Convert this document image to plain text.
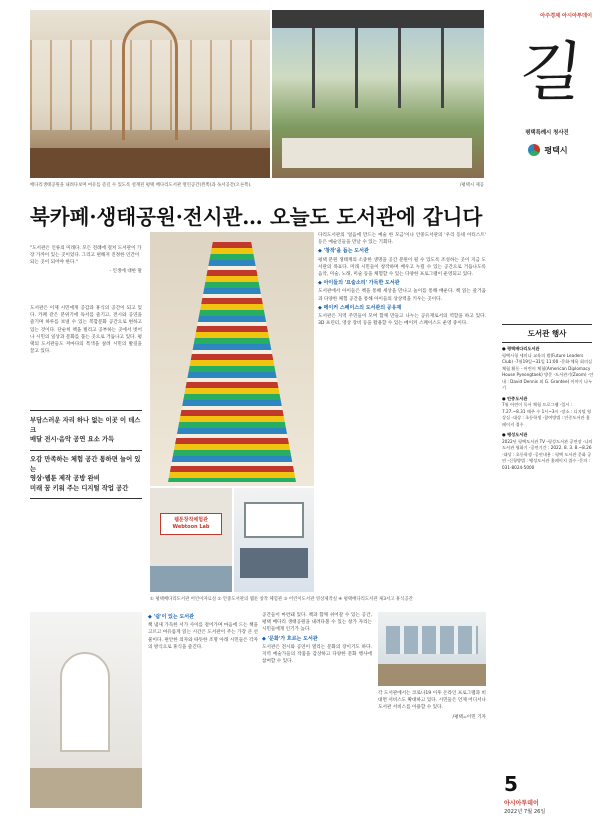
배다리생태공원을 내려다보며 여유를 즐길 수 있도록 설계된 평택 배다리도서관 열린공간(왼쪽)과 독서공간(오른쪽).	/평택시 제공
북카페·생태공원·전시관… 오늘도 도서관에 갑니다
"도서관은 인류의 미래다. 모든 전례에 걸쳐 도서관이 가장 가까이 있는 곳이었다. 그리고 편해져 진정한 인간이 되는 곳이 되어야 한다."
- 인생에 대한 말

도서관은 이제 시민에게 공감과 휴식의 공간이 되고 있다. 카페 같은 분위기에 독서를 즐기고, 전시와 공연을 즐기며 하루를 보낼 수 있는 복합문화 공간으로 변하고 있는 것이다. 단순히 책을 빌리고 공부하는 곳에서 벗어나 시민의 일상과 문화를 품는 곳으로 거듭나고 있다. 평택의 도서관들도 저마다의 특색을 살려 시민의 발길을 끌고 있다.

부담스러운 자리 하나 없는 이곳 이 데스크
매달 전시·음악 공연 요소 가득
오감 만족하는 체험 공간 통하면 늘어 있는
영상·웹툰 제작 공방 완비
미래 꿈 키워 주는 디지털 작업 공간
웹툰창작체험관
Webtoon Lab
① 평택배다리도서관 어린이자료실 ② 안중도서관의 웹툰 창작 체험관 ③ 어린이도서관 영상제작실 ④ 평택배다리도서관 제3서고 휴식공간

다리도서관의 '얼음에 만드는 예술 한 모금'이나 안중도서관의 '우리 동네 아티스트' 등은 예술인들을 만날 수 있는 기회다.

◆ '창작'을 돕는 도서관

평택 분원 생태계의 소중한 생명을 공간 분원이 될 수 있도록 조성하는 곳이 지금 도서관의 목표다. 미래 시민들이 창작하며 배우고 누릴 수 있는 공간으로 거듭나도록 음악, 미술, 노래, 미술 등을 체험할 수 있는 다양한 프로그램이 운영되고 있다.

◆ 아이들의 '요술소리' 가득한 도서관

도서관에서 아이들은 책을 통해 세상을 만나고 놀이를 통해 배운다. 책 읽는 즐거움과 다양한 체험 공간을 통해 아이들의 상상력을 키우는 곳이다.

◆ 메이커 스페이스의 도서관의 공유재

도서관은 지역 주민들이 모여 함께 만들고 나누는 공유재로서의 역할을 하고 있다. 3D 프린터, 영상 장비 등을 활용할 수 있는 메이커 스페이스도 운영 중이다.

◆ '쉼'이 있는 도서관

책 냄새 가득한 서가 사이를 걸어가며 마음에 드는 책을 고르고 여유롭게 읽는 시간은 도서관이 주는 가장 큰 선물이다. 편안한 의자와 따뜻한 조명 아래 시민들은 각자의 방식으로 휴식을 즐긴다.

공간들이 마련돼 있다. 책과 함께 쉬어갈 수 있는 공간, 평택 배다리 생태공원을 내려다볼 수 있는 창가 자리는 시민들에게 인기가 높다.

◆ '문화'가 흐르는 도서관

도서관은 전시와 공연이 열리는 문화의 장이기도 하다. 지역 예술가들의 작품을 감상하고 다양한 문화 행사에 참여할 수 있다.

각 도서관에서는 코로나19 이후 온라인 프로그램과 비대면 서비스도 확대하고 있다. 시민들은 언제 어디서나 도서관 서비스를 이용할 수 있다.

/평택=이민 기자

아주경제 아시아투데이
길
평택특례시 청사진
평택시
도서관 행사
● 평택배다리도서관
평택시청 세미나 교육의 밤(Future Leaders Club) -7월19일~31일 11:00 -문화·체육 회의실 체험 활동 - 어린이 체험(American Diplomacy House Pyeongtaek) 방문 -도서관기(Zoom) -안내 : David Dennis 외 G. Grantee) 이야기 나누기
● 안중도서관
7월 어린이 독서 체험 프로그램 -일시 : 7.27.~8.31 매주 수 1시~3시 -장소 : 디지털 영상실 -대상 : 초등학생 -참여방법 : 안중도서관 홈페이지 접수
● 팽성도서관
2022년 평택도서관 TV -평성도서관 공연장 -나의 도서관 영화기 -공연기간 : 2022. 8. 3. 8.~8.26 -대상 : 초등학생 -공연내용 : 평택 도서관 문화 공연 -신청방법 : 팽성도서관 홈페이지 접수 -문의 : 031-8024-5000
5
아시아투데이
2022년 7월 26일
